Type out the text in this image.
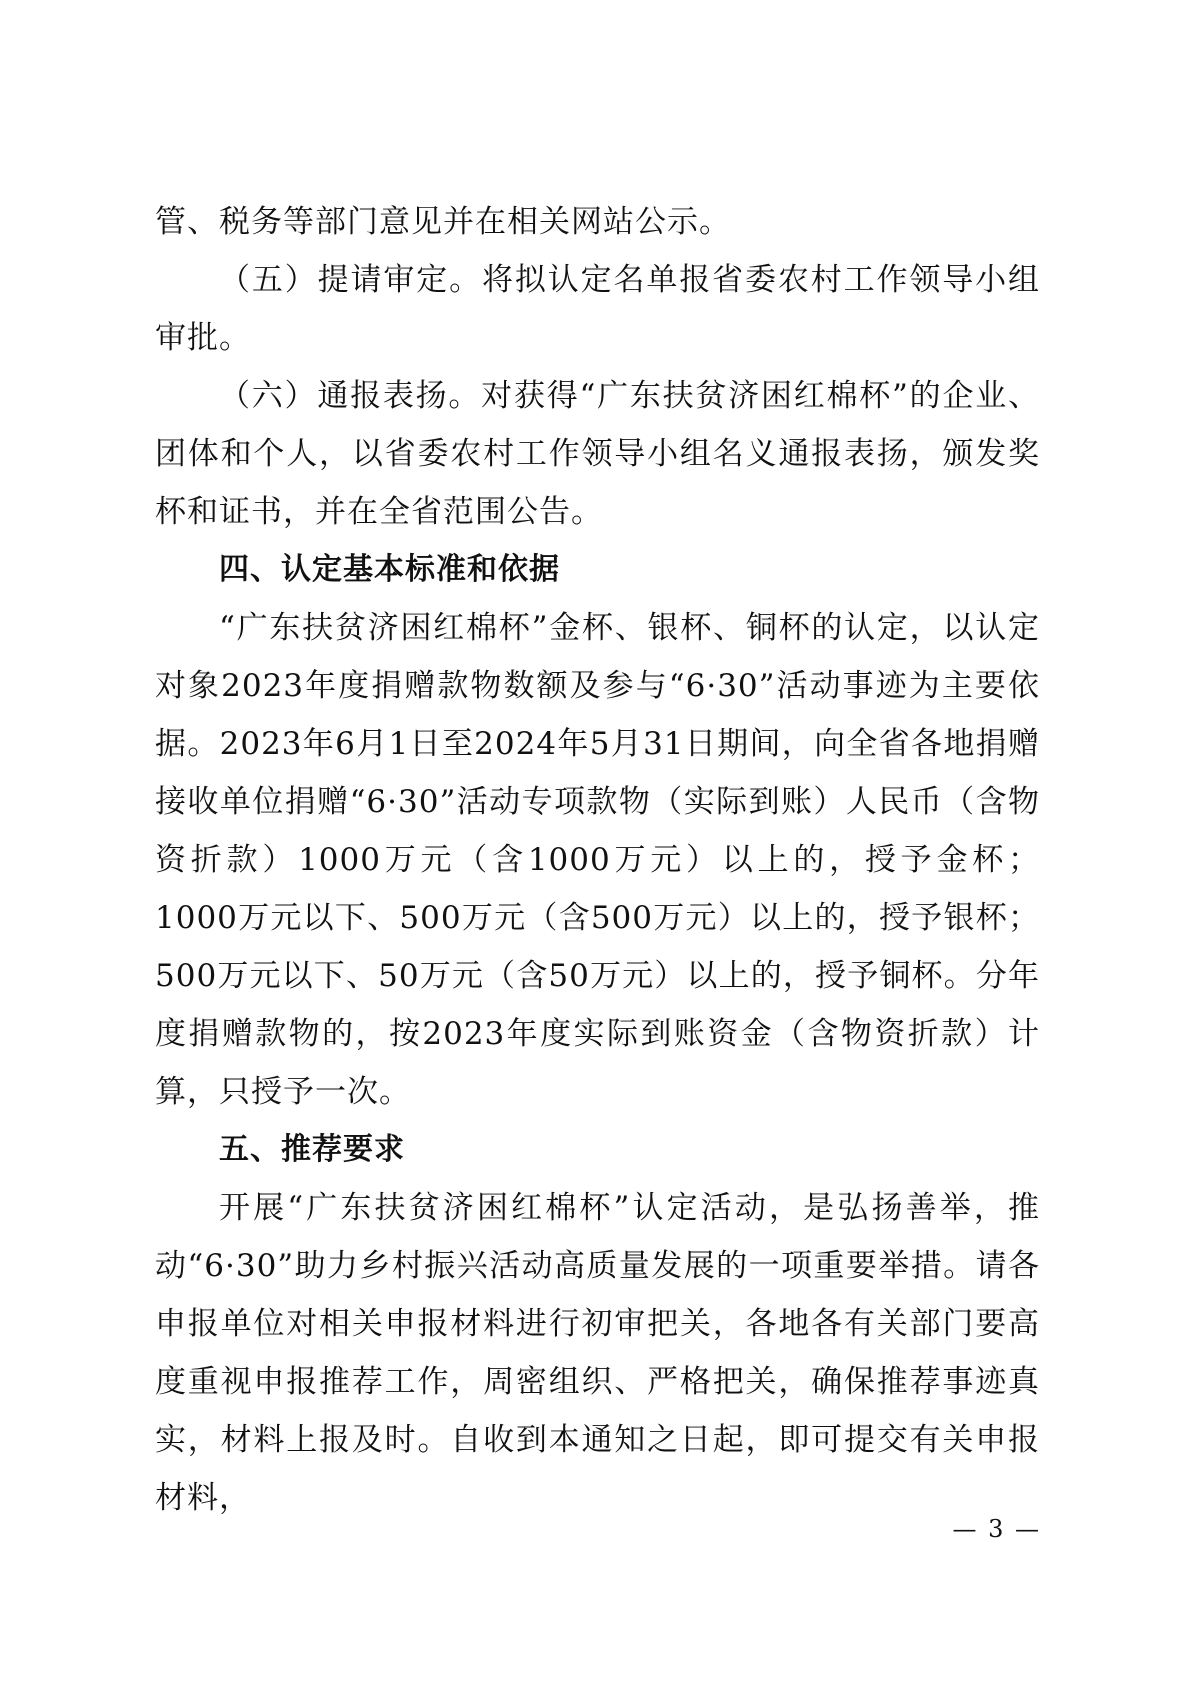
管、税务等部门意见并在相关网站公示。

（五）提请审定。将拟认定名单报省委农村工作领导小组审批。

（六）通报表扬。对获得“广东扶贫济困红棉杯”的企业、团体和个人，以省委农村工作领导小组名义通报表扬，颁发奖杯和证书，并在全省范围公告。

四、认定基本标准和依据

“广东扶贫济困红棉杯”金杯、银杯、铜杯的认定，以认定对象2023年度捐赠款物数额及参与“6·30”活动事迹为主要依据。2023年6月1日至2024年5月31日期间，向全省各地捐赠接收单位捐赠“6·30”活动专项款物（实际到账）人民币（含物资折款）1000万元（含1000万元）以上的，授予金杯；1000万元以下、500万元（含500万元）以上的，授予银杯；500万元以下、50万元（含50万元）以上的，授予铜杯。分年度捐赠款物的，按2023年度实际到账资金（含物资折款）计算，只授予一次。

五、推荐要求

开展“广东扶贫济困红棉杯”认定活动，是弘扬善举，推动“6·30”助力乡村振兴活动高质量发展的一项重要举措。请各申报单位对相关申报材料进行初审把关，各地各有关部门要高度重视申报推荐工作，周密组织、严格把关，确保推荐事迹真实，材料上报及时。自收到本通知之日起，即可提交有关申报材料，

— 3 —
